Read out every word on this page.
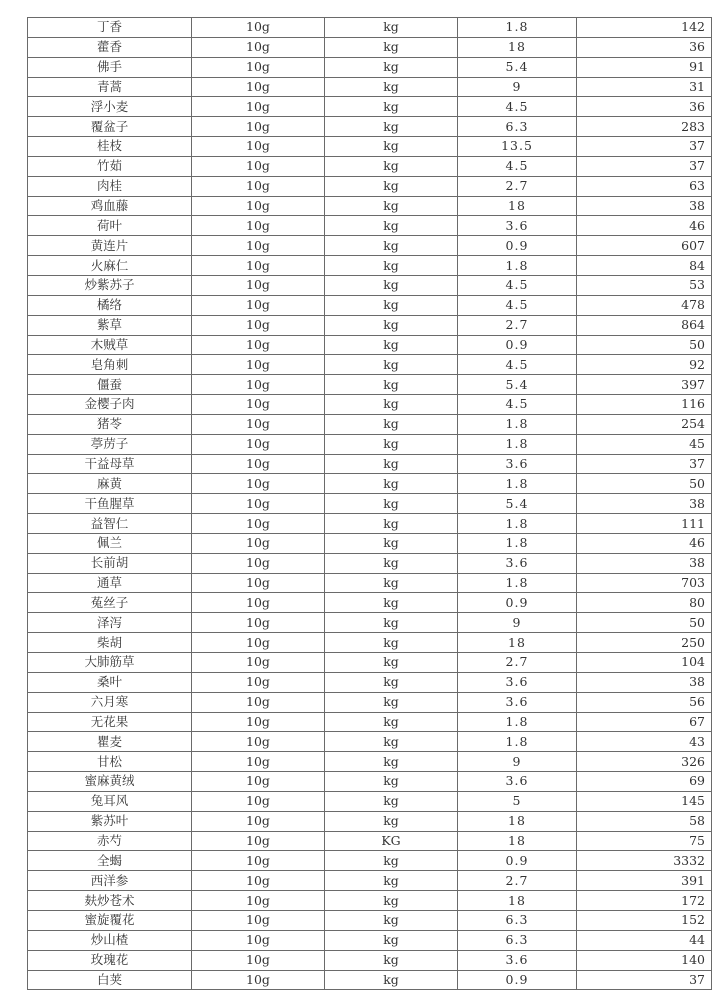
丁香	10g	kg	1.8	142
藿香	10g	kg	18	36
佛手	10g	kg	5.4	91
青蒿	10g	kg	9	31
浮小麦	10g	kg	4.5	36
覆盆子	10g	kg	6.3	283
桂枝	10g	kg	13.5	37
竹茹	10g	kg	4.5	37
肉桂	10g	kg	2.7	63
鸡血藤	10g	kg	18	38
荷叶	10g	kg	3.6	46
黄连片	10g	kg	0.9	607
火麻仁	10g	kg	1.8	84
炒紫苏子	10g	kg	4.5	53
橘络	10g	kg	4.5	478
紫草	10g	kg	2.7	864
木贼草	10g	kg	0.9	50
皂角刺	10g	kg	4.5	92
僵蚕	10g	kg	5.4	397
金樱子肉	10g	kg	4.5	116
猪苓	10g	kg	1.8	254
葶苈子	10g	kg	1.8	45
干益母草	10g	kg	3.6	37
麻黄	10g	kg	1.8	50
干鱼腥草	10g	kg	5.4	38
益智仁	10g	kg	1.8	111
佩兰	10g	kg	1.8	46
长前胡	10g	kg	3.6	38
通草	10g	kg	1.8	703
菟丝子	10g	kg	0.9	80
泽泻	10g	kg	9	50
柴胡	10g	kg	18	250
大肺筋草	10g	kg	2.7	104
桑叶	10g	kg	3.6	38
六月寒	10g	kg	3.6	56
无花果	10g	kg	1.8	67
瞿麦	10g	kg	1.8	43
甘松	10g	kg	9	326
蜜麻黄绒	10g	kg	3.6	69
兔耳风	10g	kg	5	145
紫苏叶	10g	kg	18	58
赤芍	10g	KG	18	75
全蝎	10g	kg	0.9	3332
西洋参	10g	kg	2.7	391
麸炒苍术	10g	kg	18	172
蜜旋覆花	10g	kg	6.3	152
炒山楂	10g	kg	6.3	44
玫瑰花	10g	kg	3.6	140
白荚	10g	kg	0.9	37
